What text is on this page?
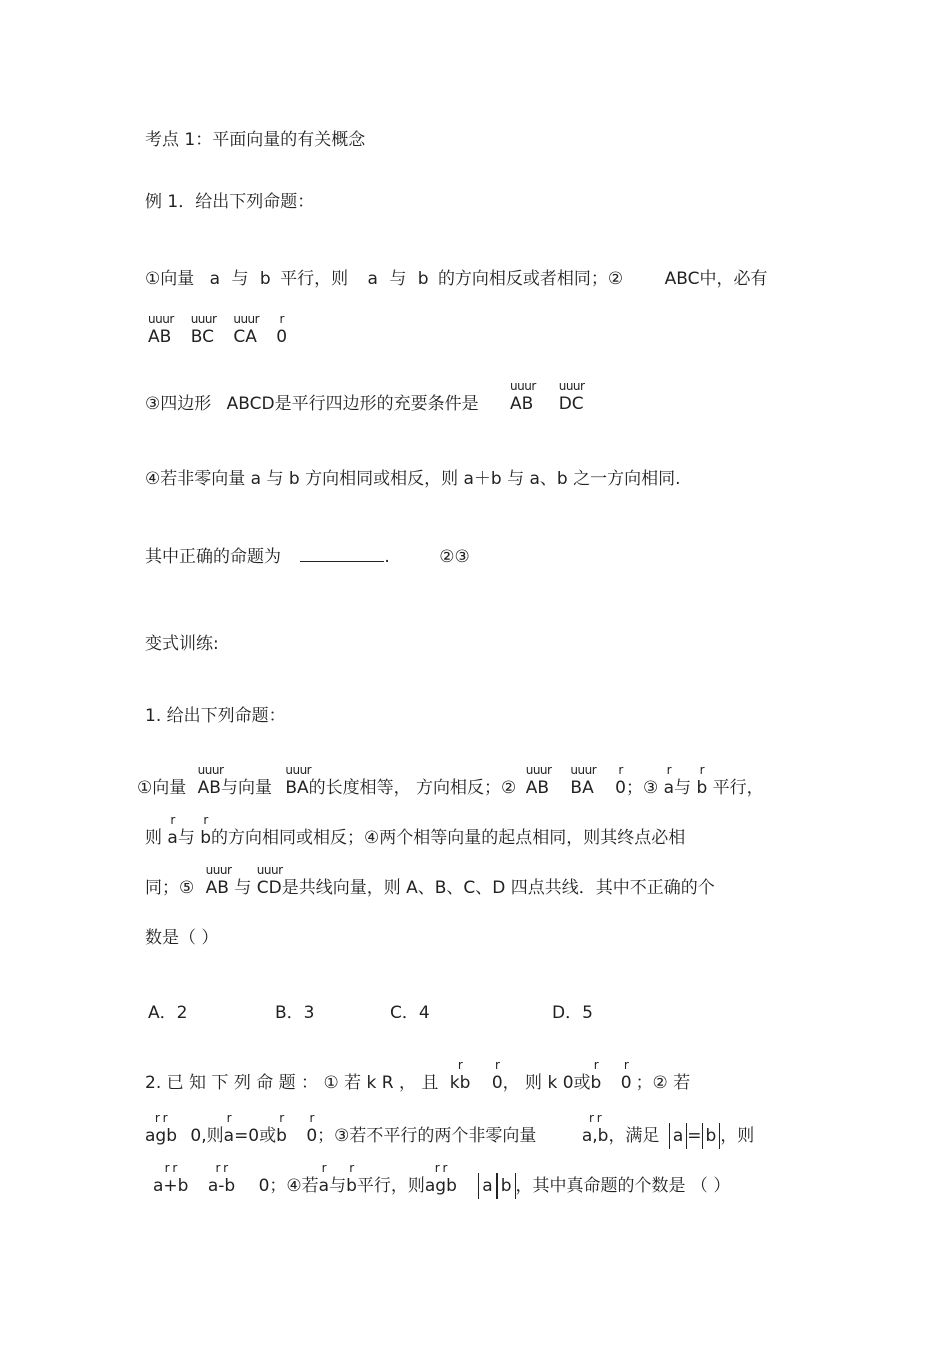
考点 1：平面向量的有关概念
例 1．给出下列命题：
①向量 a 与 b 平行，则 a 与 b 的方向相反或者相同；② ABC中，必有
uuur
AB
uuur
BC
uuur
CA
r
0
③四边形 ABCD是平行四边形的充要条件是
uuur
AB
uuur
DC
④若非零向量 a 与 b 方向相同或相反，则 a＋b 与 a、b 之一方向相同.
其中正确的命题为	.	②③
变式训练:
1. 给出下列命题：
①向量
uuur
AB与向量
uuur
BA的长度相等， 方向相反；②
uuur
AB
uuur
BA
r
0；③
r
a与
r
b 平行，
则
r
a与
r
b的方向相同或相反；④两个相等向量的起点相同，则其终点必相
同；⑤
uuur
AB 与
uuur
CD是共线向量，则 A、B、C、D 四点共线．其中不正确的个
数是（ ）
A．2	B．3	C．4	D．5
2. 已 知 下 列 命 题 ： ① 若 k R ， 且
r
kb
r
0， 则 k 0或
r
b
r
0 ；② 若
r r
agb 0,则
r
a=0或
r
b
r
0；③若不平行的两个非零向量
r r
a,b，满足 a = b ，则
r r
a+b
r r
a-b 0；④若
r
a与
r
b平行，则
r r
agb a b ，其中真命题的个数是 （ ）
